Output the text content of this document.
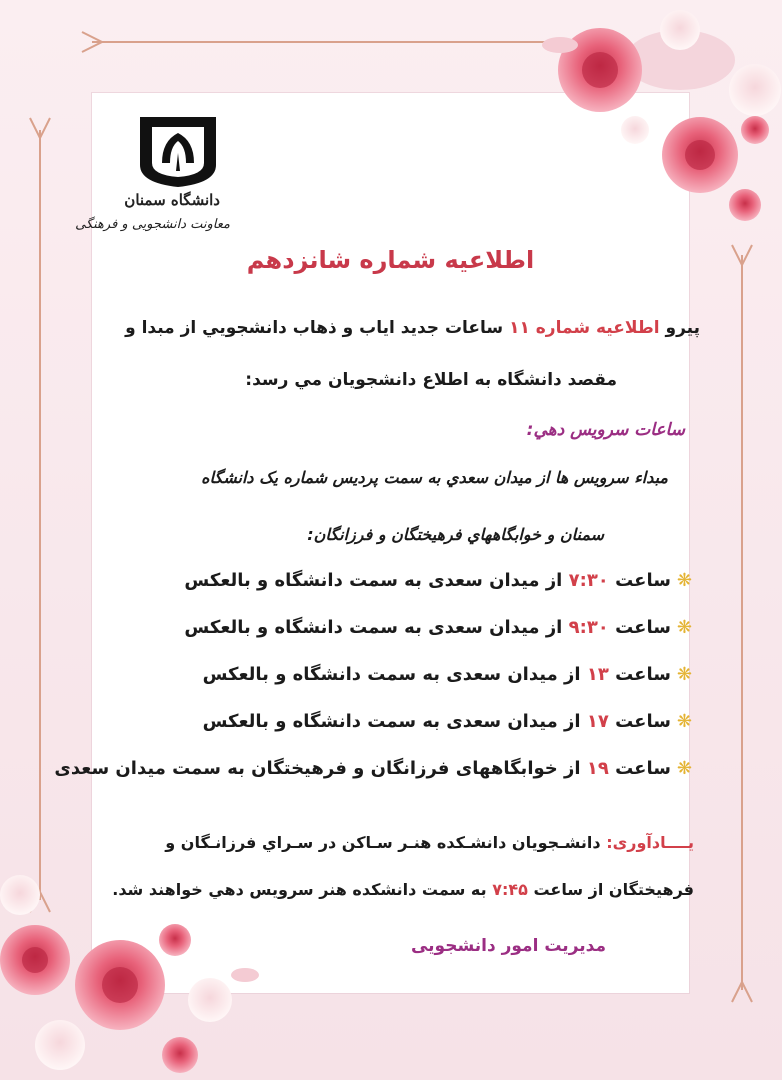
دانشگاه سمنان
معاونت دانشجویی و فرهنگی
اطلاعیه شماره شانزدهم
پیرو اطلاعیه شماره ۱۱ ساعات جدید ایاب و ذهاب دانشجویي از مبدا و
مقصد دانشگاه به اطلاع دانشجویان مي رسد:
ساعات سرویس دهي:
مبداء سرویس ها از میدان سعدي به سمت پردیس شماره یک دانشگاه
سمنان و خوابگاههاي فرهیختگان و فرزانگان:
❋ساعت ۷:۳۰ از میدان سعدی به سمت دانشگاه و بالعکس
❋ساعت ۹:۳۰ از میدان سعدی به سمت دانشگاه و بالعکس
❋ساعت ۱۳ از میدان سعدی به سمت دانشگاه و بالعکس
❋ساعت ۱۷ از میدان سعدی به سمت دانشگاه و بالعکس
❋ساعت ۱۹ از خوابگاههای فرزانگان و فرهیختگان به سمت میدان سعدی
یــــادآوری: دانشـجویان دانشـکده هنـر سـاکن در سـراي فرزانـگان و
فرهیختگان از ساعت ۷:۴۵ به سمت دانشکده هنر سرویس دهي خواهند شد.
مدیریت امور دانشجویی
